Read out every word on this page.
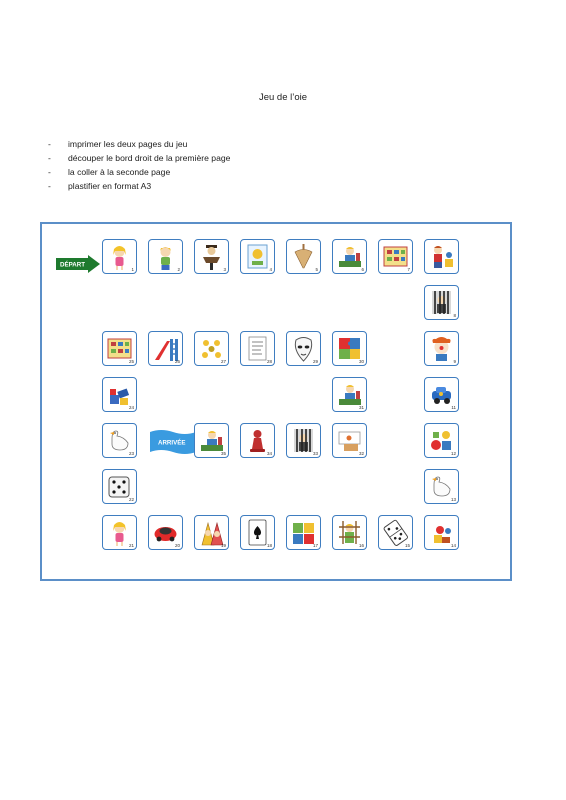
Jeu de l’oie
- imprimer les deux pages du jeu
- découper le bord droit de la première page
- la coller à la seconde page
- plastifier en format A3
DÉPART
ARRIVÉE
1	2	3	4	5	6	7
8
9
11
12
13
14
15
16
17
18
19
20
21
22
23
24
25	26	27	28	29	30
31
32
33
34
35
